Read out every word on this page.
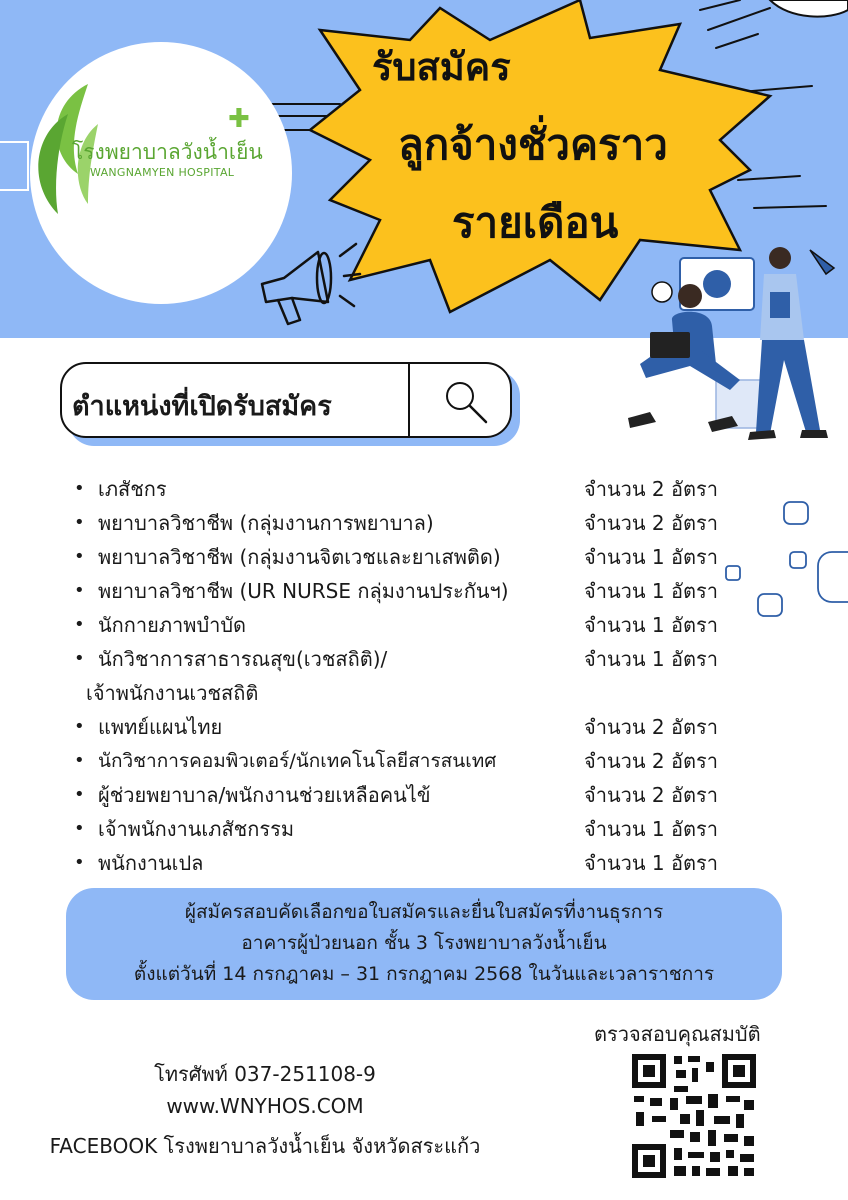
✚
โรงพยาบาลวังน้ำเย็น
WANGNAMYEN HOSPITAL
รับสมัคร
ลูกจ้างชั่วคราว
รายเดือน
ตำแหน่งที่เปิดรับสมัคร
• เภสัชกร	จำนวน 2 อัตรา
• พยาบาลวิชาชีพ (กลุ่มงานการพยาบาล)	จำนวน 2 อัตรา
• พยาบาลวิชาชีพ (กลุ่มงานจิตเวชและยาเสพติด)	จำนวน 1 อัตรา
• พยาบาลวิชาชีพ (UR NURSE กลุ่มงานประกันฯ)	จำนวน 1 อัตรา
• นักกายภาพบำบัด	จำนวน 1 อัตรา
• นักวิชาการสาธารณสุข(เวชสถิติ)/
เจ้าพนักงานเวชสถิติ
จำนวน 1 อัตรา
• แพทย์แผนไทย	จำนวน 2 อัตรา
• นักวิชาการคอมพิวเตอร์/นักเทคโนโลยีสารสนเทศ	จำนวน 2 อัตรา
• ผู้ช่วยพยาบาล/พนักงานช่วยเหลือคนไข้	จำนวน 2 อัตรา
• เจ้าพนักงานเภสัชกรรม	จำนวน 1 อัตรา
• พนักงานเปล	จำนวน 1 อัตรา
ผู้สมัครสอบคัดเลือกขอใบสมัครและยื่นใบสมัครที่งานธุรการ
อาคารผู้ป่วยนอก ชั้น 3 โรงพยาบาลวังน้ำเย็น
ตั้งแต่วันที่ 14 กรกฎาคม – 31 กรกฎาคม 2568 ในวันและเวลาราชการ
โทรศัพท์ 037-251108-9
www.WNYHOS.COM
FACEBOOK โรงพยาบาลวังน้ำเย็น จังหวัดสระแก้ว
ตรวจสอบคุณสมบัติ
